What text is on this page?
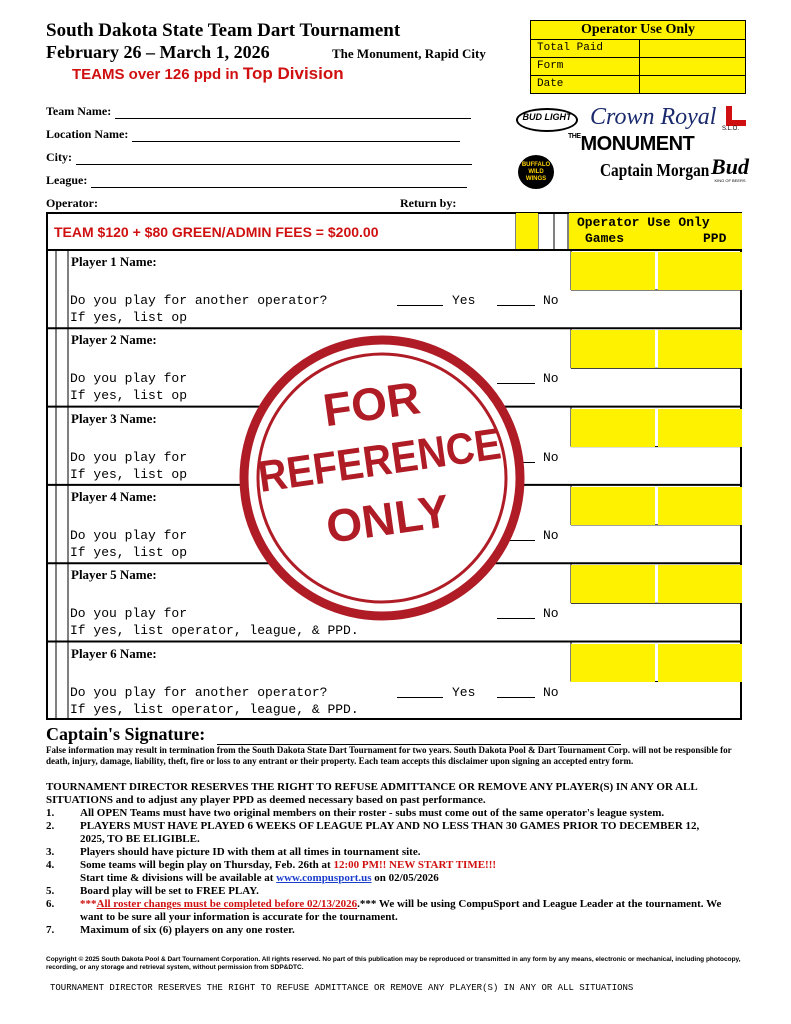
South Dakota State Team Dart Tournament
February 26 – March 1, 2026	The Monument, Rapid City
TEAMS over 126 ppd in Top Division
Operator Use Only
Total Paid
Form
Date
Team Name:
Location Name:
City:
League:
Operator:	Return by:
BUD LIGHT Crown Royal S.L.O.
$^{THE}$MONUMENT
BUFFALO WILD WINGS	Captain Morgan Bud
KING OF BEERS
TEAM $120 + $80 GREEN/ADMIN FEES = $200.00
Operator Use Only
Games	PPD
Player 1 Name:
Do you play for another operator?	Yes	No
If yes, list op
Player 2 Name:
Do you play for	No
If yes, list op
Player 3 Name:
Do you play for	No
If yes, list op
Player 4 Name:
Do you play for	No
If yes, list op
Player 5 Name:
Do you play for	No
If yes, list operator, league, & PPD.
Player 6 Name:
Do you play for another operator?	Yes	No
If yes, list operator, league, & PPD.
FOR
REFERENCE
ONLY
Captain's Signature:
False information may result in termination from the South Dakota State Dart Tournament for two years. South Dakota Pool & Dart Tournament Corp. will not be responsible for death, injury, damage, liability, theft, fire or loss to any entrant or their property. Each team accepts this disclaimer upon signing an accepted entry form.
TOURNAMENT DIRECTOR RESERVES THE RIGHT TO REFUSE ADMITTANCE OR REMOVE ANY PLAYER(S) IN ANY OR ALL SITUATIONS and to adjust any player PPD as deemed necessary based on past performance.
1.	All OPEN Teams must have two original members on their roster - subs must come out of the same operator's league system.
2.	PLAYERS MUST HAVE PLAYED 6 WEEKS OF LEAGUE PLAY AND NO LESS THAN 30 GAMES PRIOR TO DECEMBER 12, 2025, TO BE ELIGIBLE.
3.	Players should have picture ID with them at all times in tournament site.
4.	Some teams will begin play on Thursday, Feb. 26th at 12:00 PM!! NEW START TIME!!!
Start time & divisions will be available at www.compusport.us on 02/05/2026
5.	Board play will be set to FREE PLAY.
6.	***All roster changes must be completed before 02/13/2026.*** We will be using CompuSport and League Leader at the tournament. We want to be sure all your information is accurate for the tournament.
7.	Maximum of six (6) players on any one roster.
Copyright © 2025 South Dakota Pool & Dart Tournament Corporation. All rights reserved. No part of this publication may be reproduced or transmitted in any form by any means, electronic or mechanical, including photocopy, recording, or any storage and retrieval system, without permission from SDP&DTC.
TOURNAMENT DIRECTOR RESERVES THE RIGHT TO REFUSE ADMITTANCE OR REMOVE ANY PLAYER(S) IN ANY OR ALL SITUATIONS
